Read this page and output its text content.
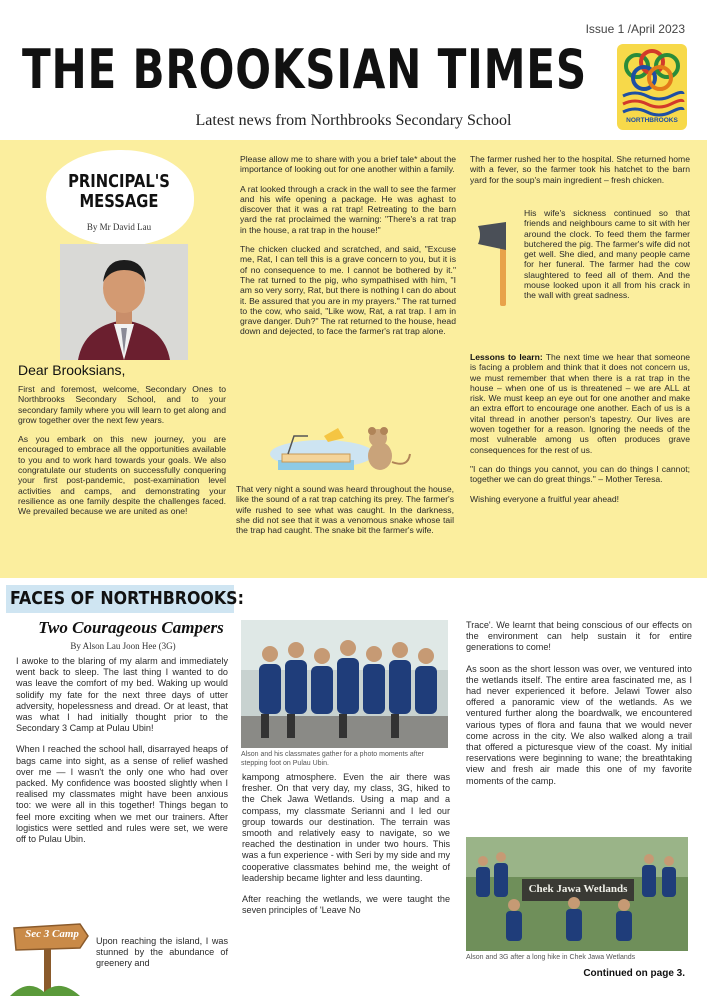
Issue 1 /April 2023
THE BROOKSIAN TIMES
NORTHBROOKS
Latest news from Northbrooks Secondary School
PRINCIPAL'S MESSAGE
By Mr David Lau
Dear Brooksians,

First and foremost, welcome, Secondary Ones to Northbrooks Secondary School, and to your secondary family where you will learn to get along and grow together over the next few years.

As you embark on this new journey, you are encouraged to embrace all the opportunities available to you and to work hard towards your goals. We also congratulate our students on successfully conquering your first post-pandemic, post-examination level activities and camps, and demonstrating your resilience as one family despite the challenges faced. We prevailed because we are united as one!

Please allow me to share with you a brief tale* about the importance of looking out for one another within a family.

A rat looked through a crack in the wall to see the farmer and his wife opening a package. He was aghast to discover that it was a rat trap! Retreating to the barn yard the rat proclaimed the warning: "There's a rat trap in the house, a rat trap in the house!"

The chicken clucked and scratched, and said, "Excuse me, Rat, I can tell this is a grave concern to you, but it is of no consequence to me. I cannot be bothered by it." The rat turned to the pig, who sympathised with him, "I am so very sorry, Rat, but there is nothing I can do about it. Be assured that you are in my prayers." The rat turned to the cow, who said, "Like wow, Rat, a rat trap. I am in grave danger. Duh?" The rat returned to the house, head down and dejected, to face the farmer's rat trap alone.

That very night a sound was heard throughout the house, like the sound of a rat trap catching its prey. The farmer's wife rushed to see what was caught. In the darkness, she did not see that it was a venomous snake whose tail the trap had caught. The snake bit the farmer's wife.
The farmer rushed her to the hospital. She returned home with a fever, so the farmer took his hatchet to the barn yard for the soup's main ingredient – fresh chicken.
His wife's sickness continued so that friends and neighbours came to sit with her around the clock. To feed them the farmer butchered the pig. The farmer's wife did not get well. She died, and many people came for her funeral. The farmer had the cow slaughtered to feed all of them. And the mouse looked upon it all from his crack in the wall with great sadness.

Lessons to learn: The next time we hear that someone is facing a problem and think that it does not concern us, we must remember that when there is a rat trap in the house – when one of us is threatened – we are ALL at risk. We must keep an eye out for one another and make an extra effort to encourage one another. Each of us is a vital thread in another person's tapestry. Our lives are woven together for a reason. Ignoring the needs of the most vulnerable among us often produces grave consequences for the rest of us.

"I can do things you cannot, you can do things I cannot; together we can do great things." – Mother Teresa.

Wishing everyone a fruitful year ahead!

FACES OF NORTHBROOKS:
Two Courageous Campers
By Alson Lau Joon Hee (3G)

I awoke to the blaring of my alarm and immediately went back to sleep. The last thing I wanted to do was leave the comfort of my bed. Waking up would solidify my fate for the next three days of utter adversity, hopelessness and dread. Or at least, that was what I had initially thought prior to the Secondary 3 Camp at Pulau Ubin!

When I reached the school hall, disarrayed heaps of bags came into sight, as a sense of relief washed over me — I wasn't the only one who had over packed. My confidence was boosted slightly when I realised my classmates might have been anxious too: we were all in this together! Things began to feel more exciting when we met our trainers. After logistics were settled and rules were set, we were off to Pulau Ubin.

Sec 3 Camp
Upon reaching the island, I was stunned by the abundance of greenery and
Alson and his classmates gather for a photo moments after stepping foot on Pulau Ubin.

kampong atmosphere. Even the air there was fresher. On that very day, my class, 3G, hiked to the Chek Jawa Wetlands. Using a map and a compass, my classmate Serianni and I led our group towards our destination. The terrain was smooth and relatively easy to navigate, so we reached the destination in under two hours. This was a fun experience - with Seri by my side and my cooperative classmates behind me, the weight of leadership became lighter and less daunting.

After reaching the wetlands, we were taught the seven principles of 'Leave No

Trace'. We learnt that being conscious of our effects on the environment can help sustain it for entire generations to come!

As soon as the short lesson was over, we ventured into the wetlands itself. The entire area fascinated me, as I had never experienced it before. Jelawi Tower also offered a panoramic view of the wetlands. As we ventured further along the boardwalk, we encountered various types of flora and fauna that we would never come across in the city. We also walked along a trail that offered a picturesque view of the coast. My initial reservations were beginning to wane; the breathtaking view and fresh air made this one of my favorite moments of the camp.

Chek Jawa Wetlands
Alson and 3G after a long hike in Chek Jawa Wetlands
Continued on page 3.
